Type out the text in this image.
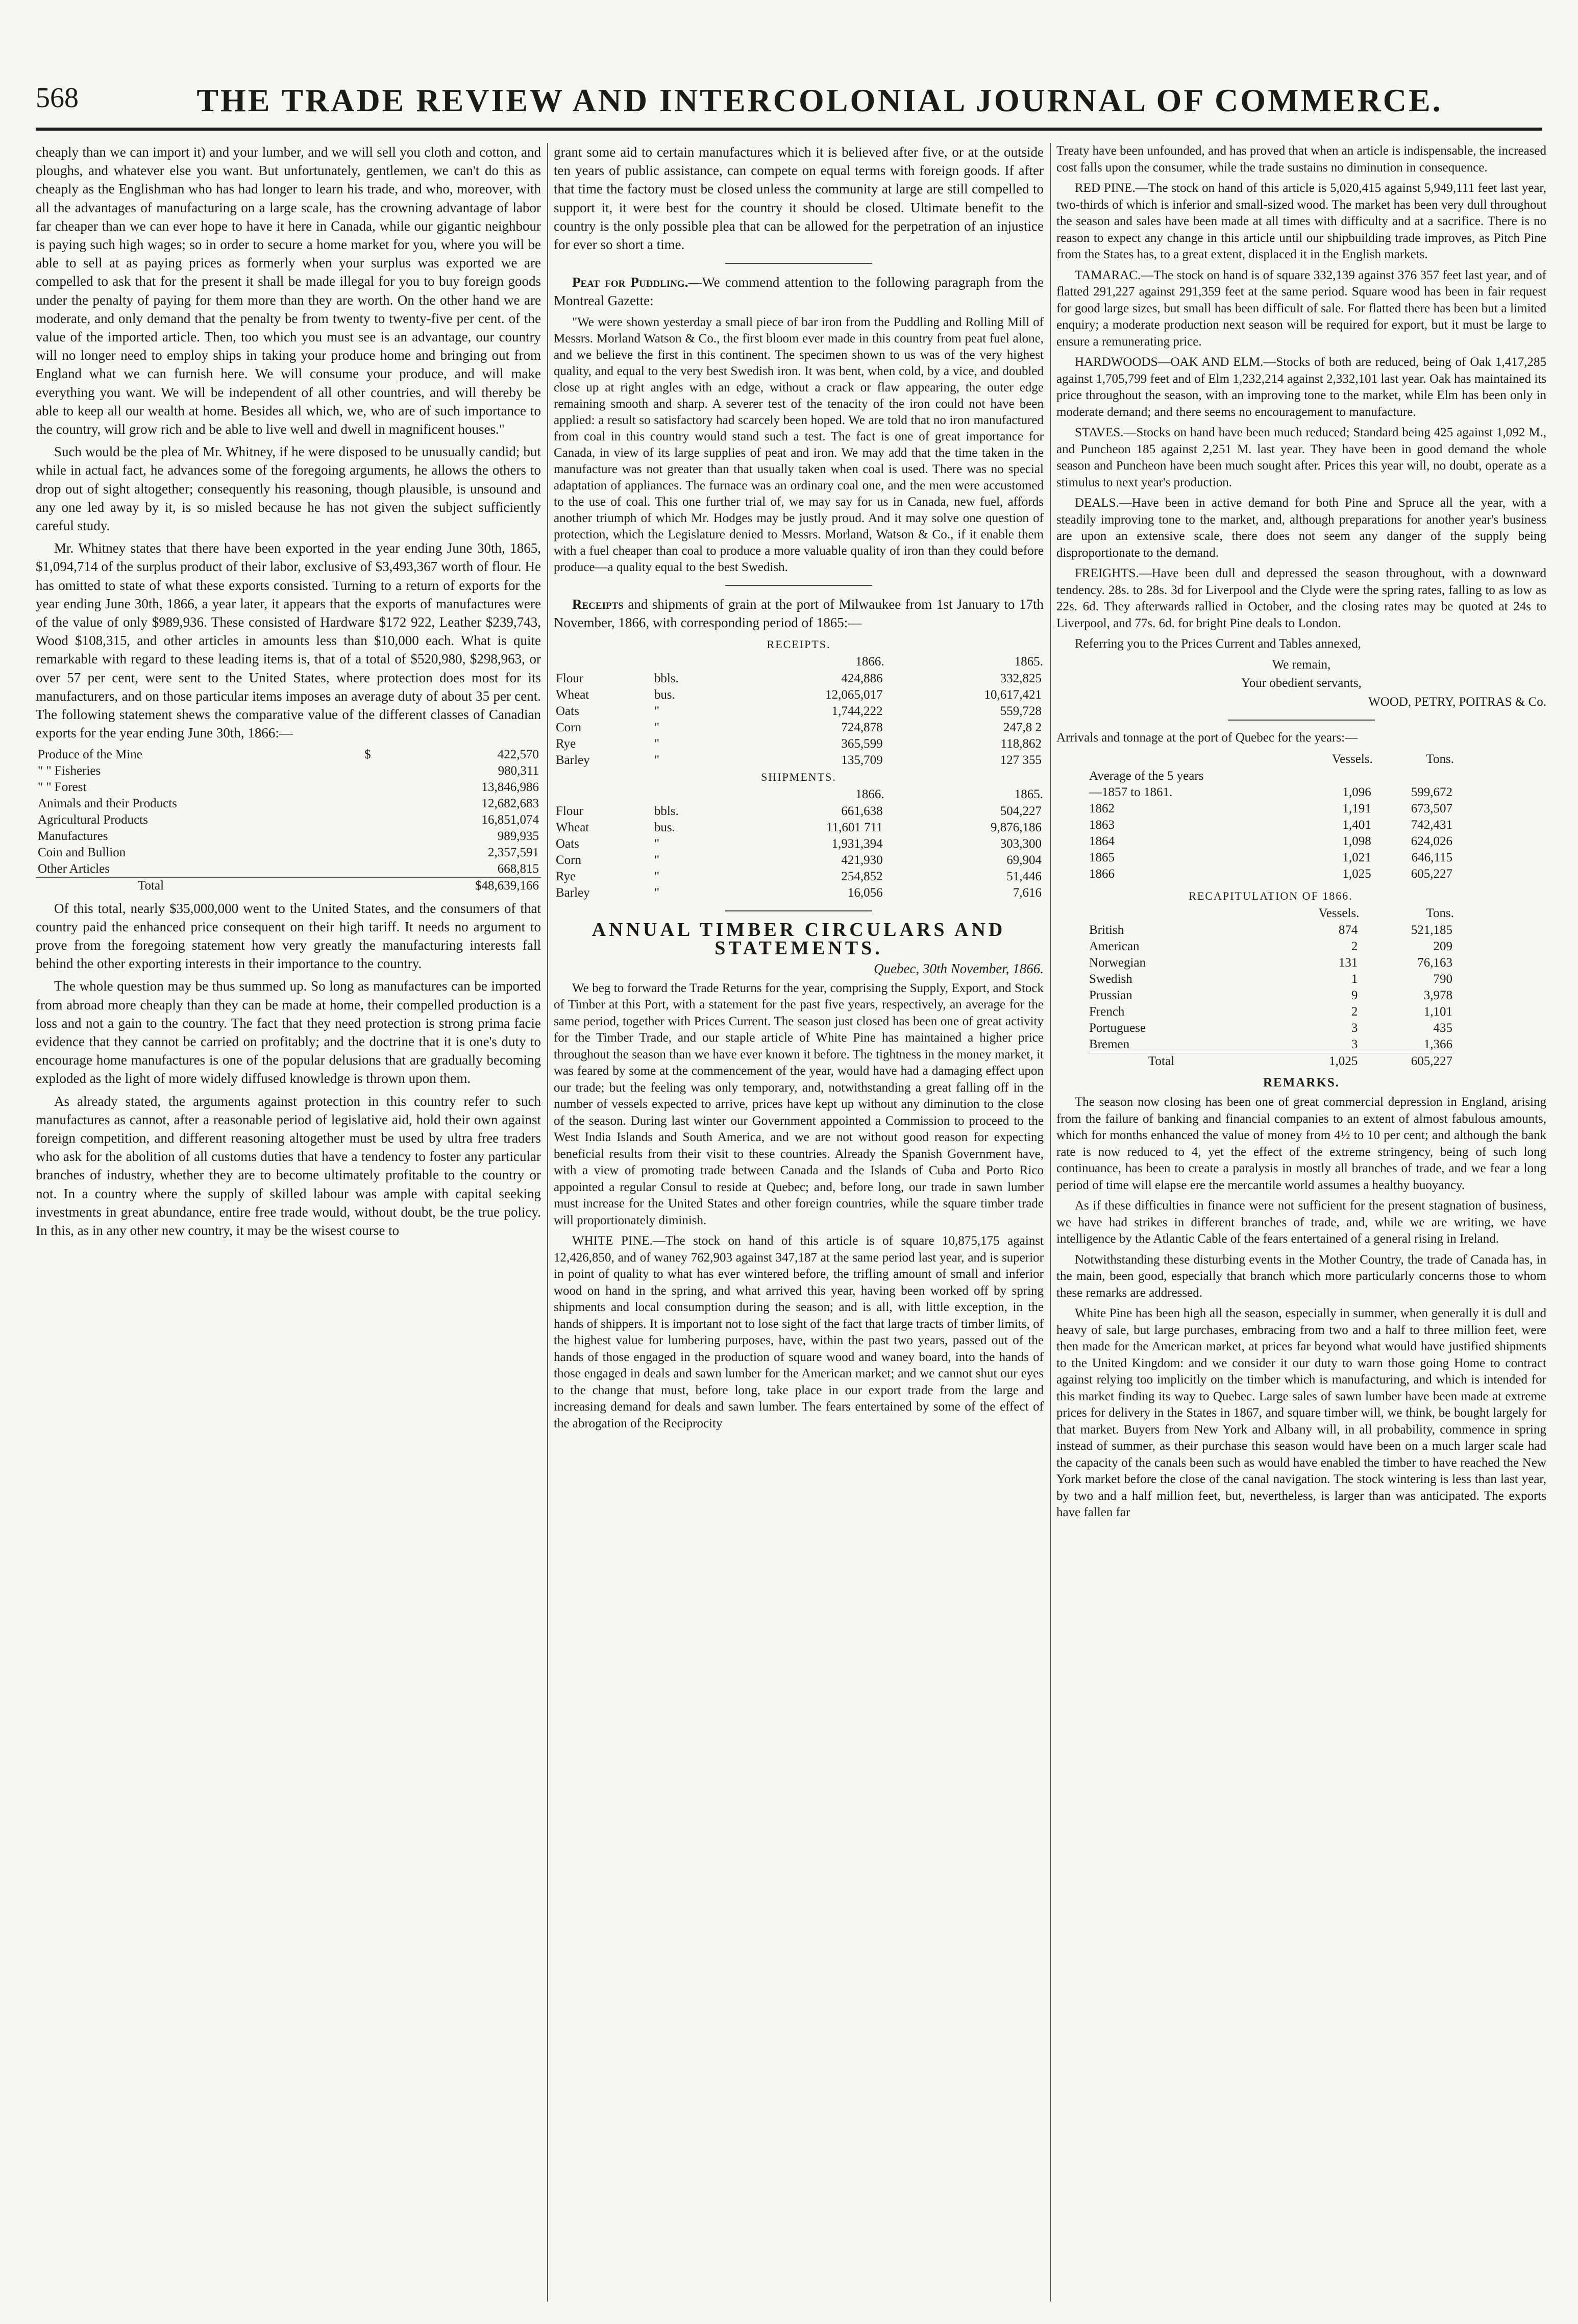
568	THE TRADE REVIEW AND INTERCOLONIAL JOURNAL OF COMMERCE.

cheaply than we can import it) and your lumber, and we will sell you cloth and cotton, and ploughs, and whatever else you want. But unfortunately, gentlemen, we can't do this as cheaply as the Englishman who has had longer to learn his trade, and who, moreover, with all the advantages of manufacturing on a large scale, has the crowning advantage of labor far cheaper than we can ever hope to have it here in Canada, while our gigantic neighbour is paying such high wages; so in order to secure a home market for you, where you will be able to sell at as paying prices as formerly when your surplus was exported we are compelled to ask that for the present it shall be made illegal for you to buy foreign goods under the penalty of paying for them more than they are worth. On the other hand we are moderate, and only demand that the penalty be from twenty to twenty-five per cent. of the value of the imported article. Then, too which you must see is an advantage, our country will no longer need to employ ships in taking your produce home and bringing out from England what we can furnish here. We will consume your produce, and will make everything you want. We will be independent of all other countries, and will thereby be able to keep all our wealth at home. Besides all which, we, who are of such importance to the country, will grow rich and be able to live well and dwell in magnificent houses."

Such would be the plea of Mr. Whitney, if he were disposed to be unusually candid; but while in actual fact, he advances some of the foregoing arguments, he allows the others to drop out of sight altogether; consequently his reasoning, though plausible, is unsound and any one led away by it, is so misled because he has not given the subject sufficiently careful study.

Mr. Whitney states that there have been exported in the year ending June 30th, 1865, $1,094,714 of the surplus product of their labor, exclusive of $3,493,367 worth of flour. He has omitted to state of what these exports consisted. Turning to a return of exports for the year ending June 30th, 1866, a year later, it appears that the exports of manufactures were of the value of only $989,936. These consisted of Hardware $172 922, Leather $239,743, Wood $108,315, and other articles in amounts less than $10,000 each. What is quite remarkable with regard to these leading items is, that of a total of $520,980, $298,963, or over 57 per cent, were sent to the United States, where protection does most for its manufacturers, and on those particular items imposes an average duty of about 35 per cent. The following statement shews the comparative value of the different classes of Canadian exports for the year ending June 30th, 1866:—

Produce of the Mine	$	422,570
" " Fisheries		980,311
" " Forest		13,846,986
Animals and their Products		12,682,683
Agricultural Products		16,851,074
Manufactures		989,935
Coin and Bullion		2,357,591
Other Articles		668,815
Total		$48,639,166

Of this total, nearly $35,000,000 went to the United States, and the consumers of that country paid the enhanced price consequent on their high tariff. It needs no argument to prove from the foregoing statement how very greatly the manufacturing interests fall behind the other exporting interests in their importance to the country.

The whole question may be thus summed up. So long as manufactures can be imported from abroad more cheaply than they can be made at home, their compelled production is a loss and not a gain to the country. The fact that they need protection is strong prima facie evidence that they cannot be carried on profitably; and the doctrine that it is one's duty to encourage home manufactures is one of the popular delusions that are gradually becoming exploded as the light of more widely diffused knowledge is thrown upon them.

As already stated, the arguments against protection in this country refer to such manufactures as cannot, after a reasonable period of legislative aid, hold their own against foreign competition, and different reasoning altogether must be used by ultra free traders who ask for the abolition of all customs duties that have a tendency to foster any particular branches of industry, whether they are to become ultimately profitable to the country or not. In a country where the supply of skilled labour was ample with capital seeking investments in great abundance, entire free trade would, without doubt, be the true policy. In this, as in any other new country, it may be the wisest course to

grant some aid to certain manufactures which it is believed after five, or at the outside ten years of public assistance, can compete on equal terms with foreign goods. If after that time the factory must be closed unless the community at large are still compelled to support it, it were best for the country it should be closed. Ultimate benefit to the country is the only possible plea that can be allowed for the perpetration of an injustice for ever so short a time.

Peat for Puddling.—We commend attention to the following paragraph from the Montreal Gazette:

"We were shown yesterday a small piece of bar iron from the Puddling and Rolling Mill of Messrs. Morland Watson & Co., the first bloom ever made in this country from peat fuel alone, and we believe the first in this continent. The specimen shown to us was of the very highest quality, and equal to the very best Swedish iron. It was bent, when cold, by a vice, and doubled close up at right angles with an edge, without a crack or flaw appearing, the outer edge remaining smooth and sharp. A severer test of the tenacity of the iron could not have been applied: a result so satisfactory had scarcely been hoped. We are told that no iron manufactured from coal in this country would stand such a test. The fact is one of great importance for Canada, in view of its large supplies of peat and iron. We may add that the time taken in the manufacture was not greater than that usually taken when coal is used. There was no special adaptation of appliances. The furnace was an ordinary coal one, and the men were accustomed to the use of coal. This one further trial of, we may say for us in Canada, new fuel, affords another triumph of which Mr. Hodges may be justly proud. And it may solve one question of protection, which the Legislature denied to Messrs. Morland, Watson & Co., if it enable them with a fuel cheaper than coal to produce a more valuable quality of iron than they could before produce—a quality equal to the best Swedish.

Receipts and shipments of grain at the port of Milwaukee from 1st January to 17th November, 1866, with corresponding period of 1865:—

RECEIPTS.			
		1866.	1865.
Flour	bbls.	424,886	332,825
Wheat	bus.	12,065,017	10,617,421
Oats	"	1,744,222	559,728
Corn	"	724,878	247,8 2
Rye	"	365,599	118,862
Barley	"	135,709	127 355
SHIPMENTS.			
		1866.	1865.
Flour	bbls.	661,638	504,227
Wheat	bus.	11,601 711	9,876,186
Oats	"	1,931,394	303,300
Corn	"	421,930	69,904
Rye	"	254,852	51,446
Barley	"	16,056	7,616
ANNUAL TIMBER CIRCULARS AND STATEMENTS.
Quebec, 30th November, 1866.

We beg to forward the Trade Returns for the year, comprising the Supply, Export, and Stock of Timber at this Port, with a statement for the past five years, respectively, an average for the same period, together with Prices Current. The season just closed has been one of great activity for the Timber Trade, and our staple article of White Pine has maintained a higher price throughout the season than we have ever known it before. The tightness in the money market, it was feared by some at the commencement of the year, would have had a damaging effect upon our trade; but the feeling was only temporary, and, notwithstanding a great falling off in the number of vessels expected to arrive, prices have kept up without any diminution to the close of the season. During last winter our Government appointed a Commission to proceed to the West India Islands and South America, and we are not without good reason for expecting beneficial results from their visit to these countries. Already the Spanish Government have, with a view of promoting trade between Canada and the Islands of Cuba and Porto Rico appointed a regular Consul to reside at Quebec; and, before long, our trade in sawn lumber must increase for the United States and other foreign countries, while the square timber trade will proportionately diminish.

WHITE PINE.—The stock on hand of this article is of square 10,875,175 against 12,426,850, and of waney 762,903 against 347,187 at the same period last year, and is superior in point of quality to what has ever wintered before, the trifling amount of small and inferior wood on hand in the spring, and what arrived this year, having been worked off by spring shipments and local consumption during the season; and is all, with little exception, in the hands of shippers. It is important not to lose sight of the fact that large tracts of timber limits, of the highest value for lumbering purposes, have, within the past two years, passed out of the hands of those engaged in the production of square wood and waney board, into the hands of those engaged in deals and sawn lumber for the American market; and we cannot shut our eyes to the change that must, before long, take place in our export trade from the large and increasing demand for deals and sawn lumber. The fears entertained by some of the effect of the abrogation of the Reciprocity

Treaty have been unfounded, and has proved that when an article is indispensable, the increased cost falls upon the consumer, while the trade sustains no diminution in consequence.

RED PINE.—The stock on hand of this article is 5,020,415 against 5,949,111 feet last year, two-thirds of which is inferior and small-sized wood. The market has been very dull throughout the season and sales have been made at all times with difficulty and at a sacrifice. There is no reason to expect any change in this article until our shipbuilding trade improves, as Pitch Pine from the States has, to a great extent, displaced it in the English markets.

TAMARAC.—The stock on hand is of square 332,139 against 376 357 feet last year, and of flatted 291,227 against 291,359 feet at the same period. Square wood has been in fair request for good large sizes, but small has been difficult of sale. For flatted there has been but a limited enquiry; a moderate production next season will be required for export, but it must be large to ensure a remunerating price.

HARDWOODS—OAK AND ELM.—Stocks of both are reduced, being of Oak 1,417,285 against 1,705,799 feet and of Elm 1,232,214 against 2,332,101 last year. Oak has maintained its price throughout the season, with an improving tone to the market, while Elm has been only in moderate demand; and there seems no encouragement to manufacture.

STAVES.—Stocks on hand have been much reduced; Standard being 425 against 1,092 M., and Puncheon 185 against 2,251 M. last year. They have been in good demand the whole season and Puncheon have been much sought after. Prices this year will, no doubt, operate as a stimulus to next year's production.

DEALS.—Have been in active demand for both Pine and Spruce all the year, with a steadily improving tone to the market, and, although preparations for another year's business are upon an extensive scale, there does not seem any danger of the supply being disproportionate to the demand.

FREIGHTS.—Have been dull and depressed the season throughout, with a downward tendency. 28s. to 28s. 3d for Liverpool and the Clyde were the spring rates, falling to as low as 22s. 6d. They afterwards rallied in October, and the closing rates may be quoted at 24s to Liverpool, and 77s. 6d. for bright Pine deals to London.

Referring you to the Prices Current and Tables annexed,

We remain,
Your obedient servants,
WOOD, PETRY, POITRAS & Co.

Arrivals and tonnage at the port of Quebec for the years:—

	Vessels.	Tons.
Average of the 5 years		
—1857 to 1861.	1,096	599,672
1862	1,191	673,507
1863	1,401	742,431
1864	1,098	624,026
1865	1,021	646,115
1866	1,025	605,227
RECAPITULATION OF 1866.		
	Vessels.	Tons.
British	874	521,185
American	2	209
Norwegian	131	76,163
Swedish	1	790
Prussian	9	3,978
French	2	1,101
Portuguese	3	435
Bremen	3	1,366
Total	1,025	605,227
REMARKS.

The season now closing has been one of great commercial depression in England, arising from the failure of banking and financial companies to an extent of almost fabulous amounts, which for months enhanced the value of money from 4½ to 10 per cent; and although the bank rate is now reduced to 4, yet the effect of the extreme stringency, being of such long continuance, has been to create a paralysis in mostly all branches of trade, and we fear a long period of time will elapse ere the mercantile world assumes a healthy buoyancy.

As if these difficulties in finance were not sufficient for the present stagnation of business, we have had strikes in different branches of trade, and, while we are writing, we have intelligence by the Atlantic Cable of the fears entertained of a general rising in Ireland.

Notwithstanding these disturbing events in the Mother Country, the trade of Canada has, in the main, been good, especially that branch which more particularly concerns those to whom these remarks are addressed.

White Pine has been high all the season, especially in summer, when generally it is dull and heavy of sale, but large purchases, embracing from two and a half to three million feet, were then made for the American market, at prices far beyond what would have justified shipments to the United Kingdom: and we consider it our duty to warn those going Home to contract against relying too implicitly on the timber which is manufacturing, and which is intended for this market finding its way to Quebec. Large sales of sawn lumber have been made at extreme prices for delivery in the States in 1867, and square timber will, we think, be bought largely for that market. Buyers from New York and Albany will, in all probability, commence in spring instead of summer, as their purchase this season would have been on a much larger scale had the capacity of the canals been such as would have enabled the timber to have reached the New York market before the close of the canal navigation. The stock wintering is less than last year, by two and a half million feet, but, nevertheless, is larger than was anticipated. The exports have fallen far
